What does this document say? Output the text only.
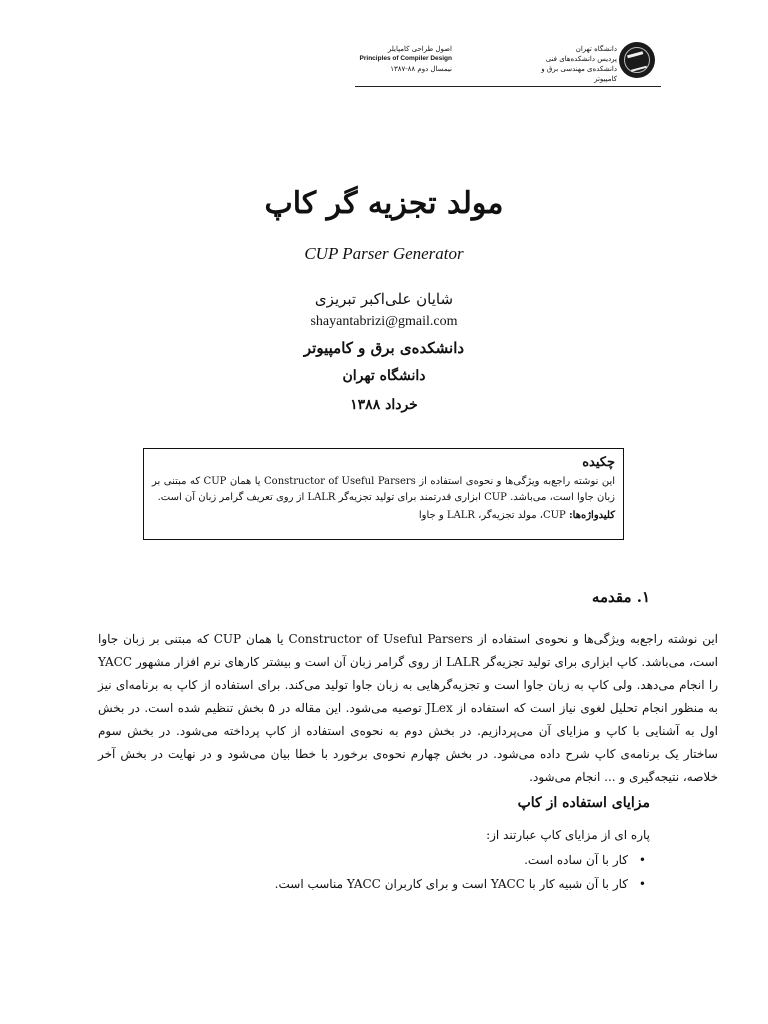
اصول طراحی کامپایلر
Principles of Compiler Design
نیمسال دوم ۸۸-۱۳۸۷
دانشگاه تهران
پردیس دانشکده‌های فنی
دانشکده‌ی مهندسی برق و کامپیوتر
مولد تجزیه گر کاپ
CUP Parser Generator
شایان علی‌اکبر تبریزی
shayantabrizi@gmail.com
دانشکده‌ی برق و کامپیوتر
دانشگاه تهران
خرداد ۱۳۸۸
چکیده
این نوشته راجع‌به ویژگی‌ها و نحوه‌ی استفاده از Constructor of Useful Parsers یا همان CUP که مبتنی بر زبان جاوا است، می‌باشد. CUP ابزاری قدرتمند برای تولید تجزیه‌گر LALR از روی تعریف گرامر زبان آن است.
کلیدواژه‌ها: CUP، مولد تجزیه‌گر، LALR و جاوا
۱. مقدمه
این نوشته راجع‌به ویژگی‌ها و نحوه‌ی استفاده از Constructor of Useful Parsers یا همان CUP که مبتنی بر زبان جاوا است، می‌باشد. کاپ ابزاری برای تولید تجزیه‌گر LALR از روی گرامر زبان آن است و بیشتر کارهای نرم افزار مشهور YACC را انجام می‌دهد. ولی کاپ به زبان جاوا است و تجزیه‌گرهایی به زبان جاوا تولید می‌کند. برای استفاده از کاپ به برنامه‌ای نیز به منظور انجام تحلیل لغوی نیاز است که استفاده از JLex توصیه می‌شود. این مقاله در ۵ بخش تنظیم شده است. در بخش اول به آشنایی با کاپ و مزایای آن می‌پردازیم. در بخش دوم به نحوه‌ی استفاده از کاپ پرداخته می‌شود. در بخش سوم ساختار یک برنامه‌ی کاپ شرح داده می‌شود. در بخش چهارم نحوه‌ی برخورد با خطا بیان می‌شود و در نهایت در بخش آخر خلاصه، نتیجه‌گیری و ... انجام می‌شود.
مزایای استفاده از کاپ
پاره ای از مزایای کاپ عبارتند از:
•
کار با آن ساده است.
•
کار با آن شبیه کار با YACC است و برای کاربران YACC مناسب است.
